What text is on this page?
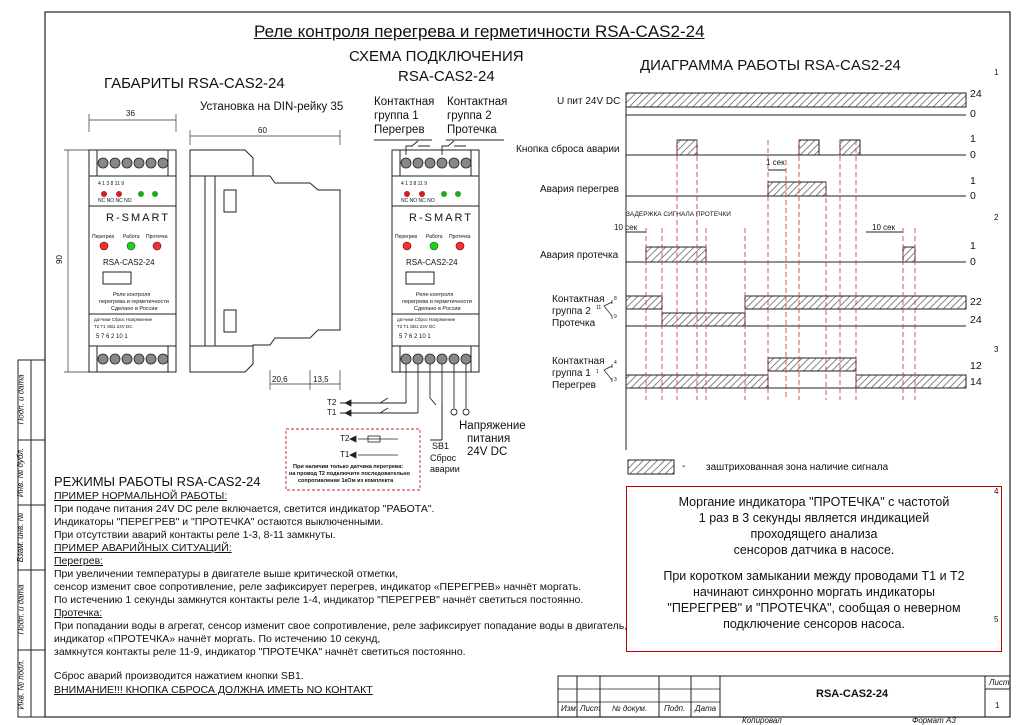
Подп. и дата
Инв. № дубл.
Взам. инв. №
Подп. и дата
Инв. № подл.
1
2
3
4
5
Изм. Лист № докум. Подп. Дата
RSA-CAS2-24
Лист
1
Копировал	Формат А3
Реле контроля перегрева и герметичности RSA-CAS2-24
СХЕМА ПОДКЛЮЧЕНИЯ
RSA-CAS2-24
ГАБАРИТЫ RSA-CAS2-24
ДИАГРАММА РАБОТЫ RSA-CAS2-24
Установка на DIN-рейку 35
36
60
90
20,6	13,5
R-SMART
Перегрев Работа Протечка
RSA-CAS2-24
Реле контроля
перегрева и герметичности
Сделано в России
4 1 3 8 11 9
NC NO NC NO
датчики Сброс Напряжение
Т2 Т1 SB1 24V DC
5 7 6 2 10 1
R-SMART
Перегрев Работа Протечка
RSA-CAS2-24
Реле контроля
перегрева и герметичности
Сделано в России
4 1 3 8 11 9
NC NO NC NO
датчики Сброс Напряжение
Т2 Т1 SB1 24V DC
5 7 6 2 10 1
Контактная
группа 1
Перегрев
Контактная
группа 2
Протечка
T2
T1
T2
T1
SB1
Сброс
аварии
Напряжение
питания
24V DC
При наличии только датчика перегрева:
на провод Т2 подключите последовательно
сопротивление 1кОм из комплекта
U пит 24V DC
24
0
Кнопка сброса аварии
1
0
Авария перегрев
1
0
Авария протечка
1
0
Контактная
группа 2
Протечка
8
11
9
22
24
Контактная
группа 1
Перегрев
4
1
3
12
14
1 сек
ЗАДЕРЖКА СИГНАЛА ПРОТЕЧКИ
10 сек	10 сек
- заштрихованная зона наличие сигнала

Моргание индикатора "ПРОТЕЧКА" с частотой

1 раз в 3 секунды является индикацией

проходящего анализа

сенсоров датчика в насосе.

При коротком замыкании между проводами Т1 и Т2

начинают синхронно моргать индикаторы

"ПЕРЕГРЕВ" и "ПРОТЕЧКА", сообщая о неверном

подключение сенсоров насоса.

РЕЖИМЫ РАБОТЫ RSA-CAS2-24
ПРИМЕР НОРМАЛЬНОЙ РАБОТЫ:
При подаче питания 24V DC реле включается, светится индикатор "РАБОТА".
Индикаторы "ПЕРЕГРЕВ" и "ПРОТЕЧКА" остаются выключенными.
При отсутствии аварий контакты реле 1-3, 8-11 замкнуты.
ПРИМЕР АВАРИЙНЫХ СИТУАЦИЙ:
Перегрев:
При увеличении температуры в двигателе выше критической отметки,
сенсор изменит свое сопротивление, реле зафиксирует перегрев, индикатор «ПЕРЕГРЕВ» начнёт моргать.
По истечению 1 секунды замкнутся контакты реле 1-4, индикатор "ПЕРЕГРЕВ" начнёт светиться постоянно.
Протечка:
При попадании воды в агрегат, сенсор изменит свое сопротивление, реле зафиксирует попадание воды в двигатель,
индикатор «ПРОТЕЧКА» начнёт моргать. По истечению 10 секунд,
замкнутся контакты реле 11-9, индикатор "ПРОТЕЧКА" начнёт светиться постоянно.
Сброс аварий производится нажатием кнопки SB1.
ВНИМАНИЕ!!! КНОПКА СБРОСА ДОЛЖНА ИМЕТЬ NO КОНТАКТ
